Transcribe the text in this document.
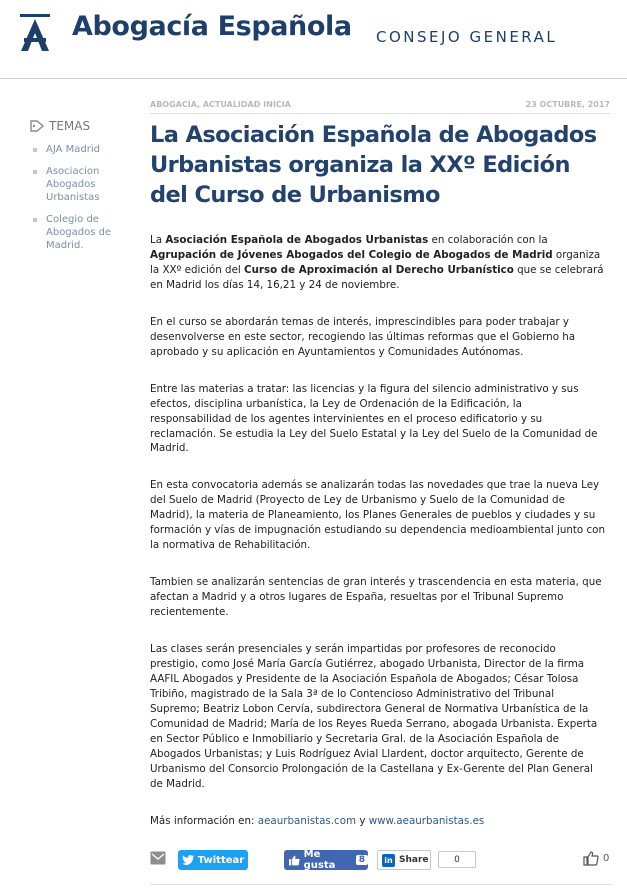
Abogacía Española CONSEJO GENERAL
ABOGACÍA, ACTUALIDAD INICIA	23 OCTUBRE, 2017
TEMAS
AJA Madrid
Asociacion Abogados Urbanistas
Colegio de Abogados de Madrid.
La Asociación Española de Abogados Urbanistas organiza la XXº Edición del Curso de Urbanismo

La Asociación Española de Abogados Urbanistas en colaboración con la Agrupación de Jóvenes Abogados del Colegio de Abogados de Madrid organiza la XXº edición del Curso de Aproximación al Derecho Urbanístico que se celebrará en Madrid los días 14, 16,21 y 24 de noviembre.

En el curso se abordarán temas de interés, imprescindibles para poder trabajar y desenvolverse en este sector, recogiendo las últimas reformas que el Gobierno ha aprobado y su aplicación en Ayuntamientos y Comunidades Autónomas.

Entre las materias a tratar: las licencias y la figura del silencio administrativo y sus efectos, disciplina urbanística, la Ley de Ordenación de la Edificación, la responsabilidad de los agentes intervinientes en el proceso edificatorio y su reclamación. Se estudia la Ley del Suelo Estatal y la Ley del Suelo de la Comunidad de Madrid.

En esta convocatoria además se analizarán todas las novedades que trae la nueva Ley del Suelo de Madrid (Proyecto de Ley de Urbanismo y Suelo de la Comunidad de Madrid), la materia de Planeamiento, los Planes Generales de pueblos y ciudades y su formación y vías de impugnación estudiando su dependencia medioambiental junto con la normativa de Rehabilitación.

Tambien se analizarán sentencias de gran interés y trascendencia en esta materia, que afectan a Madrid y a otros lugares de España, resueltas por el Tribunal Supremo recientemente.

Las clases serán presenciales y serán impartidas por profesores de reconocido prestigio, como José María García Gutiérrez, abogado Urbanista, Director de la firma AAFIL Abogados y Presidente de la Asociación Española de Abogados; César Tolosa Tribiño, magistrado de la Sala 3ª de lo Contencioso Administrativo del Tribunal Supremo; Beatriz Lobon Cervía, subdirectora General de Normativa Urbanística de la Comunidad de Madrid; María de los Reyes Rueda Serrano, abogada Urbanista. Experta en Sector Público e Inmobiliario y Secretaria Gral. de la Asociación Española de Abogados Urbanistas; y Luis Rodríguez Avial Llardent, doctor arquitecto, Gerente de Urbanismo del Consorcio Prolongación de la Castellana y Ex-Gerente del Plan General de Madrid.

Más información en: aeaurbanistas.com y www.aeaurbanistas.es

Twittear	Me gusta	8	in Share	0	0
